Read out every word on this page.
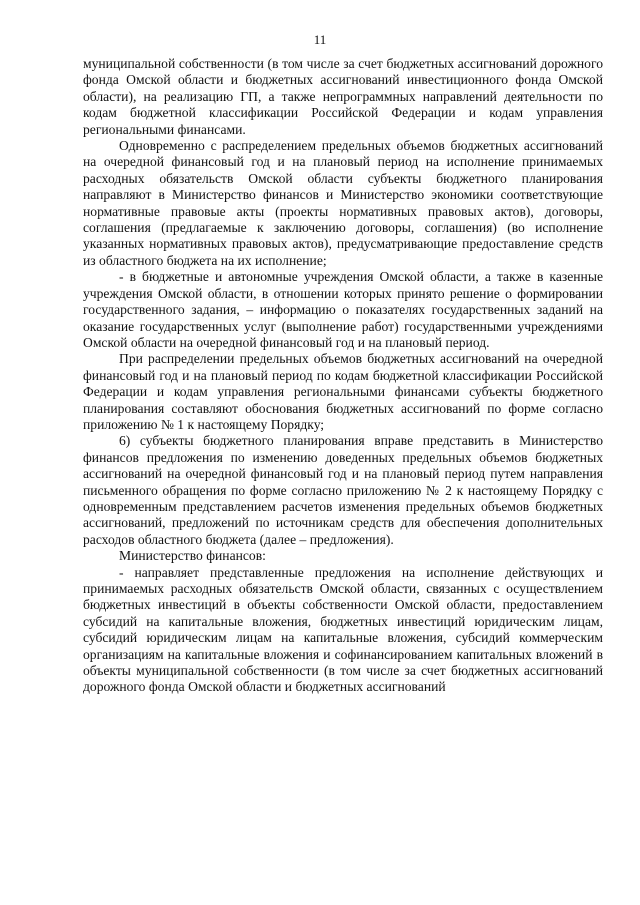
11

муниципальной собственности (в том числе за счет бюджетных ассигнований дорожного фонда Омской области и бюджетных ассигнований инвестиционного фонда Омской области), на реализацию ГП, а также непрограммных направлений деятельности по кодам бюджетной классификации Российской Федерации и кодам управления региональными финансами.

Одновременно с распределением предельных объемов бюджетных ассигнований на очередной финансовый год и на плановый период на исполнение принимаемых расходных обязательств Омской области субъекты бюджетного планирования направляют в Министерство финансов и Министерство экономики соответствующие нормативные правовые акты (проекты нормативных правовых актов), договоры, соглашения (предлагаемые к заключению договоры, соглашения) (во исполнение указанных нормативных правовых актов), предусматривающие предоставление средств из областного бюджета на их исполнение;

- в бюджетные и автономные учреждения Омской области, а также в казенные учреждения Омской области, в отношении которых принято решение о формировании государственного задания, – информацию о показателях государственных заданий на оказание государственных услуг (выполнение работ) государственными учреждениями Омской области на очередной финансовый год и на плановый период.

При распределении предельных объемов бюджетных ассигнований на очередной финансовый год и на плановый период по кодам бюджетной классификации Российской Федерации и кодам управления региональными финансами субъекты бюджетного планирования составляют обоснования бюджетных ассигнований по форме согласно приложению № 1 к настоящему Порядку;

6) субъекты бюджетного планирования вправе представить в Министерство финансов предложения по изменению доведенных предельных объемов бюджетных ассигнований на очередной финансовый год и на плановый период путем направления письменного обращения по форме согласно приложению № 2 к настоящему Порядку с одновременным представлением расчетов изменения предельных объемов бюджетных ассигнований, предложений по источникам средств для обеспечения дополнительных расходов областного бюджета (далее – предложения).

Министерство финансов:

- направляет представленные предложения на исполнение действующих и принимаемых расходных обязательств Омской области, связанных с осуществлением бюджетных инвестиций в объекты собственности Омской области, предоставлением субсидий на капитальные вложения, бюджетных инвестиций юридическим лицам, субсидий юридическим лицам на капитальные вложения, субсидий коммерческим организациям на капитальные вложения и софинансированием капитальных вложений в объекты муниципальной собственности (в том числе за счет бюджетных ассигнований дорожного фонда Омской области и бюджетных ассигнований
